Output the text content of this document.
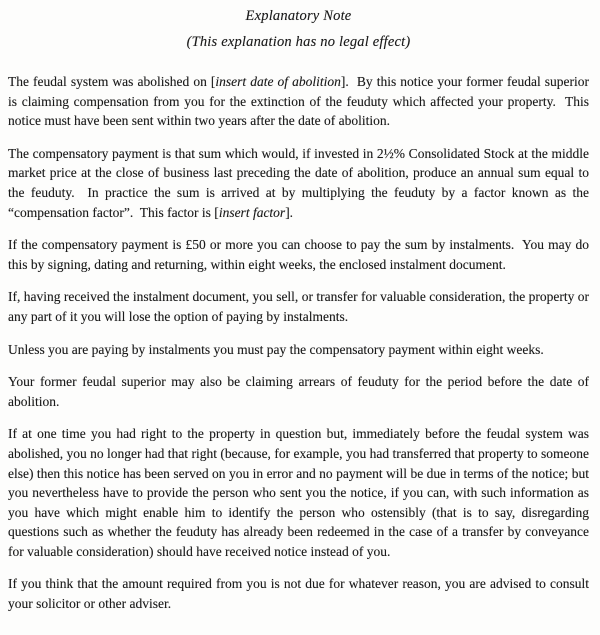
Explanatory Note
(This explanation has no legal effect)

The feudal system was abolished on [insert date of abolition].  By this notice your former feudal superior is claiming compensation from you for the extinction of the feuduty which affected your property.  This notice must have been sent within two years after the date of abolition.

The compensatory payment is that sum which would, if invested in 2½% Consolidated Stock at the middle market price at the close of business last preceding the date of abolition, produce an annual sum equal to the feuduty.  In practice the sum is arrived at by multiplying the feuduty by a factor known as the “compensation factor”.  This factor is [insert factor].

If the compensatory payment is £50 or more you can choose to pay the sum by instalments.  You may do this by signing, dating and returning, within eight weeks, the enclosed instalment document.

If, having received the instalment document, you sell, or transfer for valuable consideration, the property or any part of it you will lose the option of paying by instalments.

Unless you are paying by instalments you must pay the compensatory payment within eight weeks.

Your former feudal superior may also be claiming arrears of feuduty for the period before the date of abolition.

If at one time you had right to the property in question but, immediately before the feudal system was abolished, you no longer had that right (because, for example, you had transferred that property to someone else) then this notice has been served on you in error and no payment will be due in terms of the notice; but you nevertheless have to provide the person who sent you the notice, if you can, with such information as you have which might enable him to identify the person who ostensibly (that is to say, disregarding questions such as whether the feuduty has already been redeemed in the case of a transfer by conveyance for valuable consideration) should have received notice instead of you.

If you think that the amount required from you is not due for whatever reason, you are advised to consult your solicitor or other adviser.
